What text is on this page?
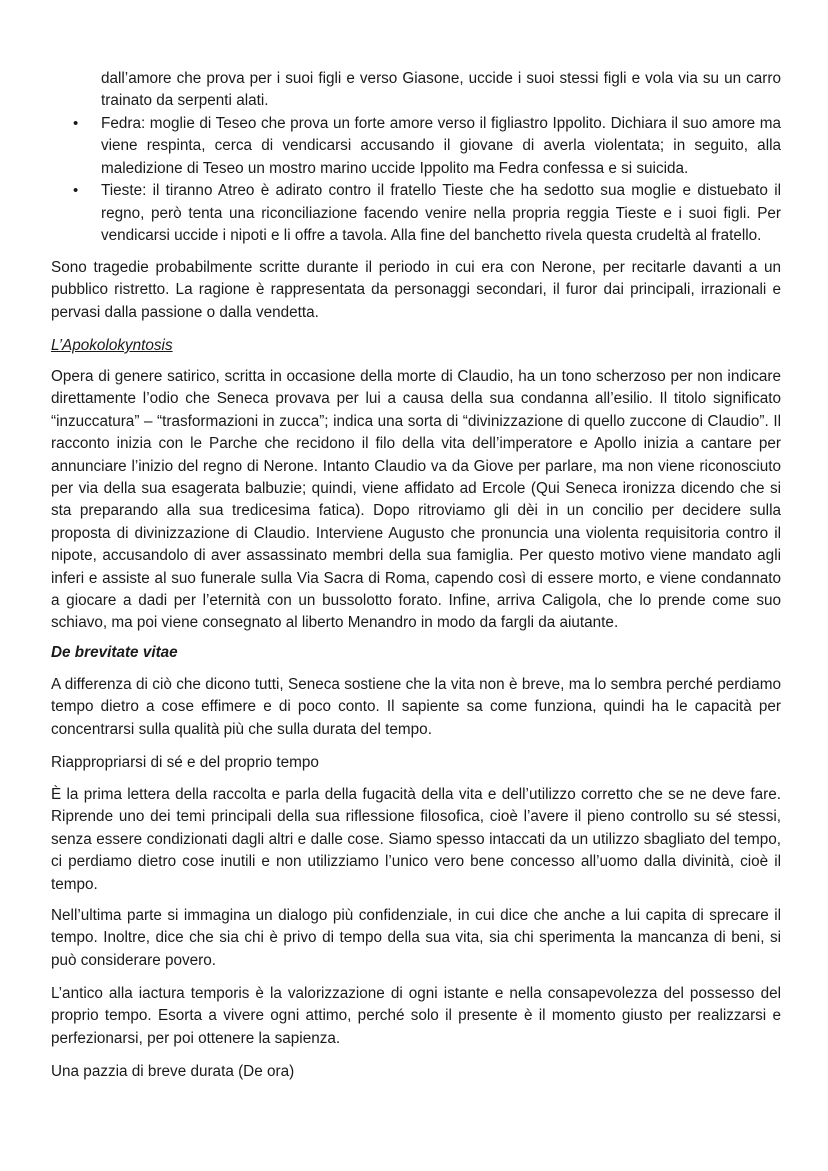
dall’amore che prova per i suoi figli e verso Giasone, uccide i suoi stessi figli e vola via su un carro trainato da serpenti alati.

• Fedra: moglie di Teseo che prova un forte amore verso il figliastro Ippolito. Dichiara il suo amore ma viene respinta, cerca di vendicarsi accusando il giovane di averla violentata; in seguito, alla maledizione di Teseo un mostro marino uccide Ippolito ma Fedra confessa e si suicida.
• Tieste: il tiranno Atreo è adirato contro il fratello Tieste che ha sedotto sua moglie e distuebato il regno, però tenta una riconciliazione facendo venire nella propria reggia Tieste e i suoi figli. Per vendicarsi uccide i nipoti e li offre a tavola. Alla fine del banchetto rivela questa crudeltà al fratello.

Sono tragedie probabilmente scritte durante il periodo in cui era con Nerone, per recitarle davanti a un pubblico ristretto. La ragione è rappresentata da personaggi secondari, il furor dai principali, irrazionali e pervasi dalla passione o dalla vendetta.

L’Apokolokyntosis

Opera di genere satirico, scritta in occasione della morte di Claudio, ha un tono scherzoso per non indicare direttamente l’odio che Seneca provava per lui a causa della sua condanna all’esilio. Il titolo significato “inzuccatura” – “trasformazioni in zucca”; indica una sorta di “divinizzazione di quello zuccone di Claudio”. Il racconto inizia con le Parche che recidono il filo della vita dell’imperatore e Apollo inizia a cantare per annunciare l’inizio del regno di Nerone. Intanto Claudio va da Giove per parlare, ma non viene riconosciuto per via della sua esagerata balbuzie; quindi, viene affidato ad Ercole (Qui Seneca ironizza dicendo che si sta preparando alla sua tredicesima fatica). Dopo ritroviamo gli dèi in un concilio per decidere sulla proposta di divinizzazione di Claudio. Interviene Augusto che pronuncia una violenta requisitoria contro il nipote, accusandolo di aver assassinato membri della sua famiglia. Per questo motivo viene mandato agli inferi e assiste al suo funerale sulla Via Sacra di Roma, capendo così di essere morto, e viene condannato a giocare a dadi per l’eternità con un bussolotto forato. Infine, arriva Caligola, che lo prende come suo schiavo, ma poi viene consegnato al liberto Menandro in modo da fargli da aiutante.

De brevitate vitae

A differenza di ciò che dicono tutti, Seneca sostiene che la vita non è breve, ma lo sembra perché perdiamo tempo dietro a cose effimere e di poco conto. Il sapiente sa come funziona, quindi ha le capacità per concentrarsi sulla qualità più che sulla durata del tempo.

Riappropriarsi di sé e del proprio tempo

È la prima lettera della raccolta e parla della fugacità della vita e dell’utilizzo corretto che se ne deve fare. Riprende uno dei temi principali della sua riflessione filosofica, cioè l’avere il pieno controllo su sé stessi, senza essere condizionati dagli altri e dalle cose. Siamo spesso intaccati da un utilizzo sbagliato del tempo, ci perdiamo dietro cose inutili e non utilizziamo l’unico vero bene concesso all’uomo dalla divinità, cioè il tempo.

Nell’ultima parte si immagina un dialogo più confidenziale, in cui dice che anche a lui capita di sprecare il tempo. Inoltre, dice che sia chi è privo di tempo della sua vita, sia chi sperimenta la mancanza di beni, si può considerare povero.

L’antico alla iactura temporis è la valorizzazione di ogni istante e nella consapevolezza del possesso del proprio tempo. Esorta a vivere ogni attimo, perché solo il presente è il momento giusto per realizzarsi e perfezionarsi, per poi ottenere la sapienza.

Una pazzia di breve durata (De ora)
